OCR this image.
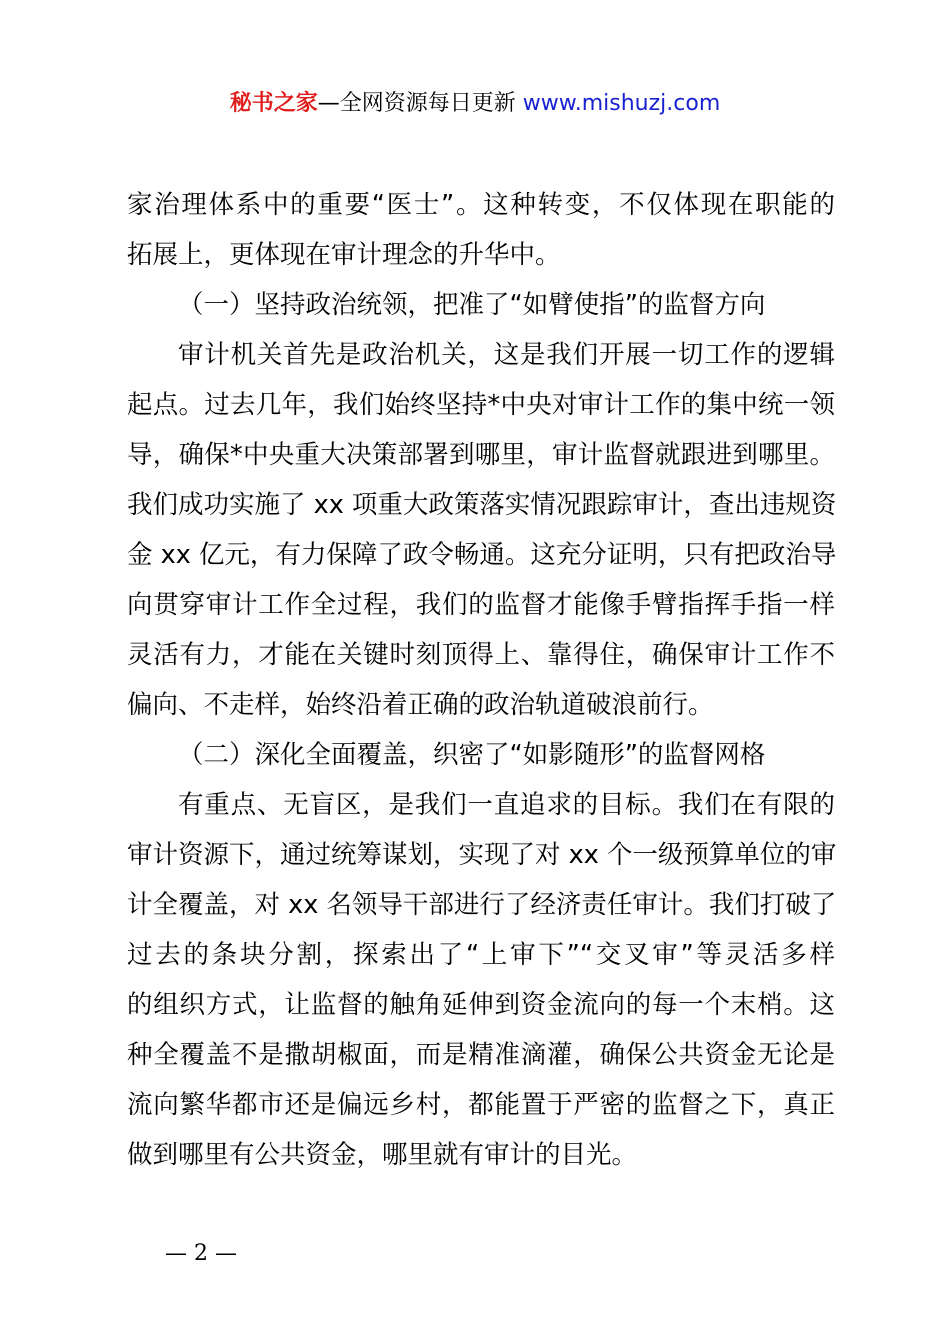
秘书之家—全网资源每日更新 www.mishuzj.com
家治理体系中的重要“医士”。这种转变，不仅体现在职能的
拓展上，更体现在审计理念的升华中。
（一）坚持政治统领，把准了“如臂使指”的监督方向
审计机关首先是政治机关，这是我们开展一切工作的逻辑
起点。过去几年，我们始终坚持*中央对审计工作的集中统一领
导，确保*中央重大决策部署到哪里，审计监督就跟进到哪里。
我们成功实施了 xx 项重大政策落实情况跟踪审计，查出违规资
金 xx 亿元，有力保障了政令畅通。这充分证明，只有把政治导
向贯穿审计工作全过程，我们的监督才能像手臂指挥手指一样
灵活有力，才能在关键时刻顶得上、靠得住，确保审计工作不
偏向、不走样，始终沿着正确的政治轨道破浪前行。
（二）深化全面覆盖，织密了“如影随形”的监督网格
有重点、无盲区，是我们一直追求的目标。我们在有限的
审计资源下，通过统筹谋划，实现了对 xx 个一级预算单位的审
计全覆盖，对 xx 名领导干部进行了经济责任审计。我们打破了
过去的条块分割，探索出了“上审下”“交叉审”等灵活多样
的组织方式，让监督的触角延伸到资金流向的每一个末梢。这
种全覆盖不是撒胡椒面，而是精准滴灌，确保公共资金无论是
流向繁华都市还是偏远乡村，都能置于严密的监督之下，真正
做到哪里有公共资金，哪里就有审计的目光。
— 2 —
